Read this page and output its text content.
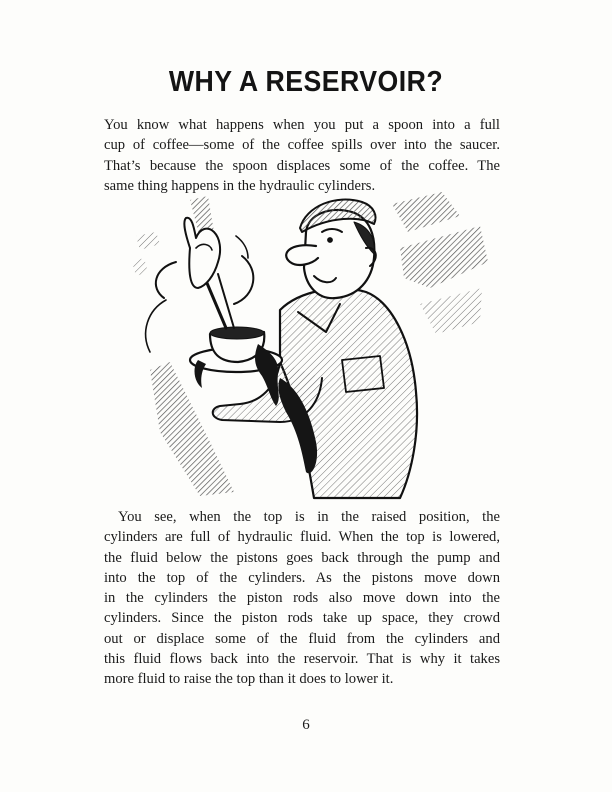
WHY A RESERVOIR?

You know what happens when you put a spoon into a full
cup of coffee—some of the coffee spills over into the saucer.
That’s because the spoon displaces some of the coffee. The
same thing happens in the hydraulic cylinders.

You see, when the top is in the raised position, the
cylinders are full of hydraulic fluid. When the top is lowered,
the fluid below the pistons goes back through the pump and
into the top of the cylinders. As the pistons move down
in the cylinders the piston rods also move down into the
cylinders. Since the piston rods take up space, they crowd
out or displace some of the fluid from the cylinders and
this fluid flows back into the reservoir. That is why it takes
more fluid to raise the top than it does to lower it.

6
